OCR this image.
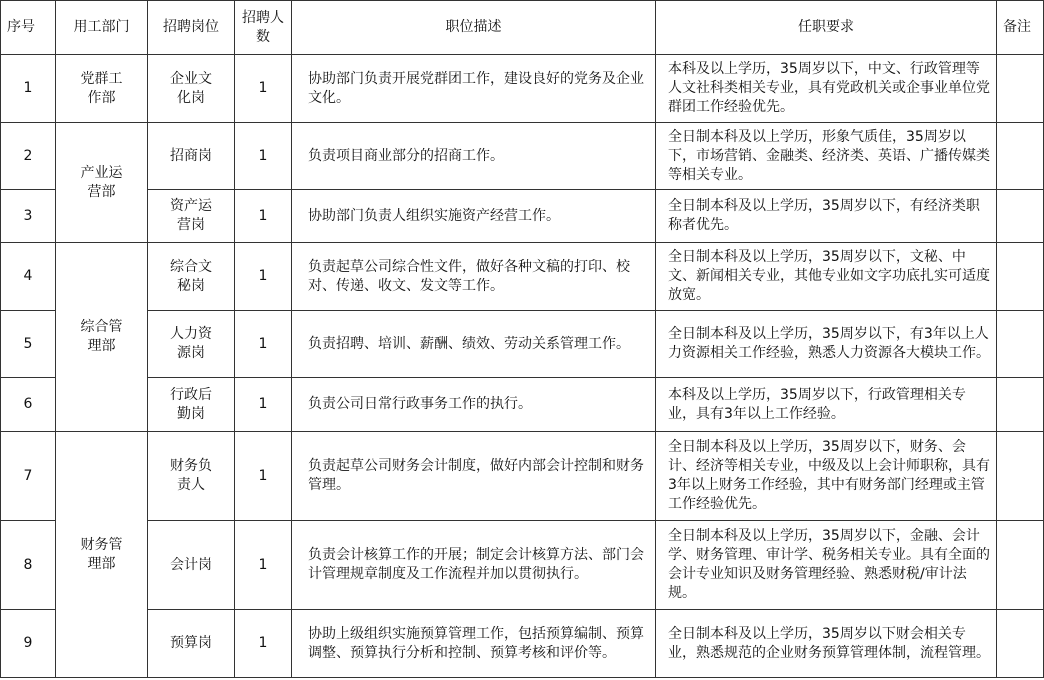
序号	用工部门	招聘岗位	招聘人数	职位描述	任职要求	备注
1	党群工作部	企业文化岗	1	协助部门负责开展党群团工作，建设良好的党务及企业文化。	本科及以上学历，35周岁以下，中文、行政管理等人文社科类相关专业，具有党政机关或企事业单位党群团工作经验优先。	
2	产业运营部	招商岗	1	负责项目商业部分的招商工作。	全日制本科及以上学历，形象气质佳，35周岁以下，市场营销、金融类、经济类、英语、广播传媒类等相关专业。	
3		资产运营岗	1	协助部门负责人组织实施资产经营工作。	全日制本科及以上学历，35周岁以下，有经济类职称者优先。	
4	综合管理部	综合文秘岗	1	负责起草公司综合性文件，做好各种文稿的打印、校对、传递、收文、发文等工作。	全日制本科及以上学历，35周岁以下，文秘、中文、新闻相关专业，其他专业如文字功底扎实可适度放宽。	
5		人力资源岗	1	负责招聘、培训、薪酬、绩效、劳动关系管理工作。	全日制本科及以上学历，35周岁以下，有3年以上人力资源相关工作经验，熟悉人力资源各大模块工作。	
6		行政后勤岗	1	负责公司日常行政事务工作的执行。	本科及以上学历，35周岁以下，行政管理相关专业，具有3年以上工作经验。	
7	财务管理部	财务负责人	1	负责起草公司财务会计制度，做好内部会计控制和财务管理。	全日制本科及以上学历，35周岁以下，财务、会计、经济等相关专业，中级及以上会计师职称，具有3年以上财务工作经验，其中有财务部门经理或主管工作经验优先。	
8		会计岗	1	负责会计核算工作的开展；制定会计核算方法、部门会计管理规章制度及工作流程并加以贯彻执行。	全日制本科及以上学历，35周岁以下，金融、会计学、财务管理、审计学、税务相关专业。具有全面的会计专业知识及财务管理经验、熟悉财税/审计法规。	
9		预算岗	1	协助上级组织实施预算管理工作，包括预算编制、预算调整、预算执行分析和控制、预算考核和评价等。	全日制本科及以上学历，35周岁以下财会相关专业，熟悉规范的企业财务预算管理体制，流程管理。	
